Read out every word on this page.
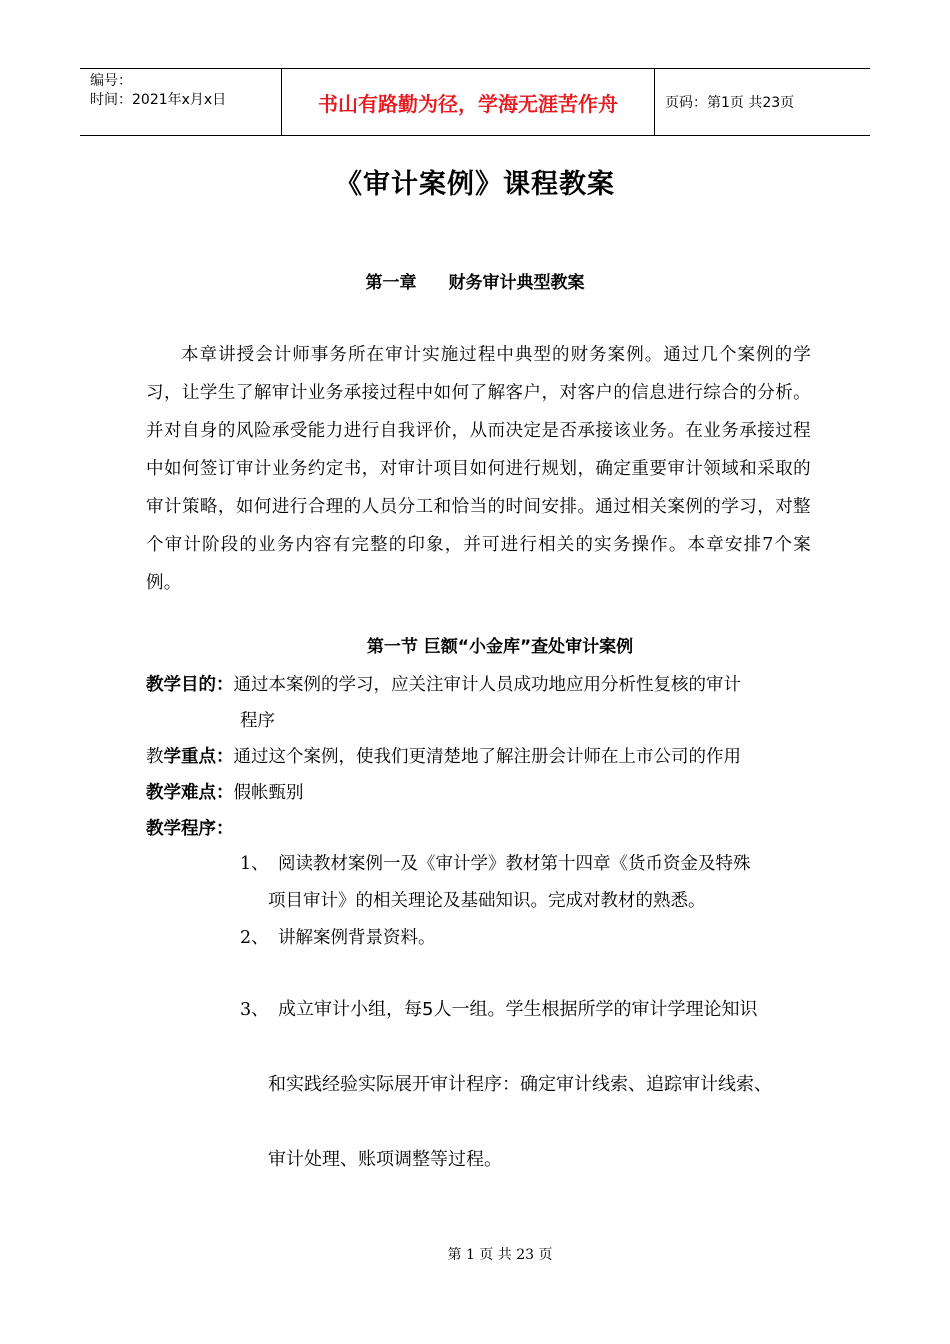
编号：
时间：2021年x月x日	书山有路勤为径，学海无涯苦作舟	页码：第1页 共23页
《审计案例》课程教案
第一章 财务审计典型教案
本章讲授会计师事务所在审计实施过程中典型的财务案例。通过几个案例的学习，让学生了解审计业务承接过程中如何了解客户，对客户的信息进行综合的分析。并对自身的风险承受能力进行自我评价，从而决定是否承接该业务。在业务承接过程中如何签订审计业务约定书，对审计项目如何进行规划，确定重要审计领域和采取的审计策略，如何进行合理的人员分工和恰当的时间安排。通过相关案例的学习，对整个审计阶段的业务内容有完整的印象，并可进行相关的实务操作。本章安排7个案例。
第一节 巨额“小金库”查处审计案例
教学目的：通过本案例的学习，应关注审计人员成功地应用分析性复核的审计
程序
教学重点：通过这个案例，使我们更清楚地了解注册会计师在上市公司的作用
教学难点：假帐甄别
教学程序：
1、 阅读教材案例一及《审计学》教材第十四章《货币资金及特殊
项目审计》的相关理论及基础知识。完成对教材的熟悉。
2、 讲解案例背景资料。
3、 成立审计小组，每5人一组。学生根据所学的审计学理论知识
和实践经验实际展开审计程序：确定审计线索、追踪审计线索、
审计处理、账项调整等过程。
第 1 页 共 23 页
